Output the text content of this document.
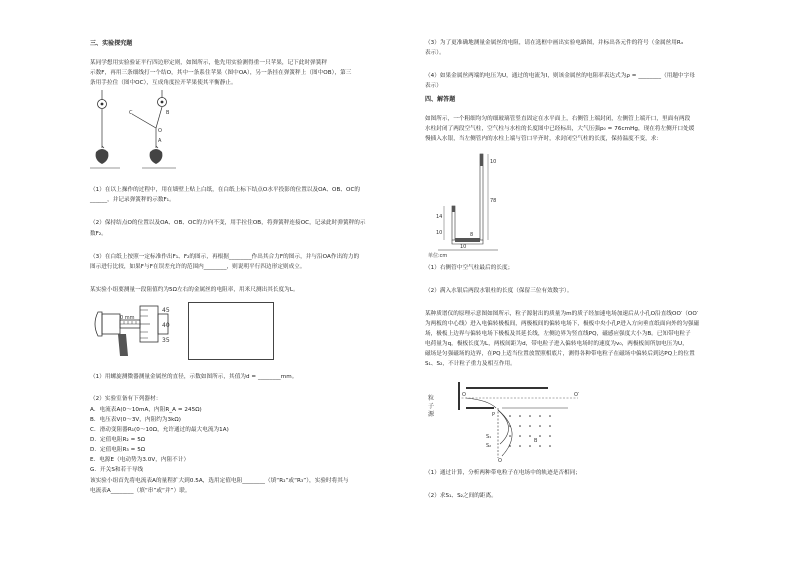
三、实验探究题
某同学想用实验验证平行四边形定则，如图所示，他先用实验测得重一只苹果，记下此时弹簧秤
示数F，再用三条细线打一个结O，其中一条系住苹果（图中OA），另一条挂在弹簧秤上（图中OB），第三
条用手拉住（图中OC），互成角度拉开苹果使其平衡静止。
C	B
O
A
（1）在以上操作的过程中，用在墙壁上贴上白纸，在白纸上标下结点O水平投影的位置以及OA、OB、OC的
______，并记录弹簧秤的示数F₁。
（2）保持结点O的位置以及OA、OB、OC的方向不变，用手拉住OB，将弹簧秤连接OC，记录此时弹簧秤的示
数F₂。
（3）在白纸上按照一定标准作出F₁、F₂的图示，再根据________作出其合力F的图示，并与沿OA作出的力的
图示进行比较，如果F与F在误差允许的范围内________，则说明平行四边形定则成立。
某实验小组要测量一段阻值约为5Ω左右的金属丝的电阻率，用米尺测出其长度为L。
45
40
35
0 mm
（1）用螺旋测微器测量金属丝的直径，示数如图所示，其值为d = ________mm。
（2）实验室备有下列器材：
A．电流表A(0～10mA，内阻R_A = 245Ω)
B．电压表V(0～3V，内阻约为3kΩ)
C．滑动变阻器R₁(0～10Ω，允许通过的最大电流为1A)
D．定值电阻R₂ = 5Ω
D．定值电阻R₃ = 5Ω
E．电源E（电动势为3.0V，内阻不计）
G．开关S和若干导线
该实验小组首先将电流表A的量程扩大到0.5A，选用定值电阻________（填“R₂”或“R₃”），实验时将其与
电流表A________（填“串”或“并”）联。
（3）为了更准确地测量金属丝的电阻，请在选框中画出实验电路图，并标出各元件的符号（金属丝用Rₓ
表示）。
（4）如果金属丝两端的电压为U，通过的电流为I，则该金属丝的电阻率表达式为ρ = ________（用题中字母
表示）
四、解答题
如图所示，一个粗细均匀的细玻璃管竖直固定在水平面上，右侧管上端封闭，左侧管上端开口，里面有两段
水柱封闭了两段空气柱，空气柱与水柱的长度图中已经标出，大气压强p₀ = 76cmHg，现在将左侧开口处缓
慢插入水银，当左侧管内的水柱上端与管口平齐时，求封闭空气柱的长度，保持温度不变，求：
10
78
14
10	8
10
单位:cm
（1）右侧管中空气柱最后的长度；
（2）满入水银后两段水银柱的长度（保留三位有效数字）。
某种质谱仪的原理示意图如图所示，粒子源射出的质量为m的质子经加速电场加速后从小孔O沿直线OO′（OO′
为两板的中心线）进入电偏转极板间，两极板间的偏转电场下，极板中央小孔P进入方向垂直纸面向外的匀强磁
场，极板上边界与偏转电场下极板及其延长线，左侧边界为竖直线PQ，磁感应强度大小为B。已知带电粒子
电荷量为q，极板长度为L，两板间距为d，带电粒子进入偏转电场时的速度为v₀，两极板间所加电压为U，
磁场是匀强磁场的边界，在PQ上适当位置放置照相底片，测得各种带电粒子在磁场中偏转后到达PQ上的位置
S₁、S₂，不计粒子重力及相互作用。
粒
子
源
O	O′
P
S₁
S₂
Q
B
（1）通过计算，分析两种带电粒子在电场中的轨迹是否相同；
（2）求S₁、S₂之间的距离。
